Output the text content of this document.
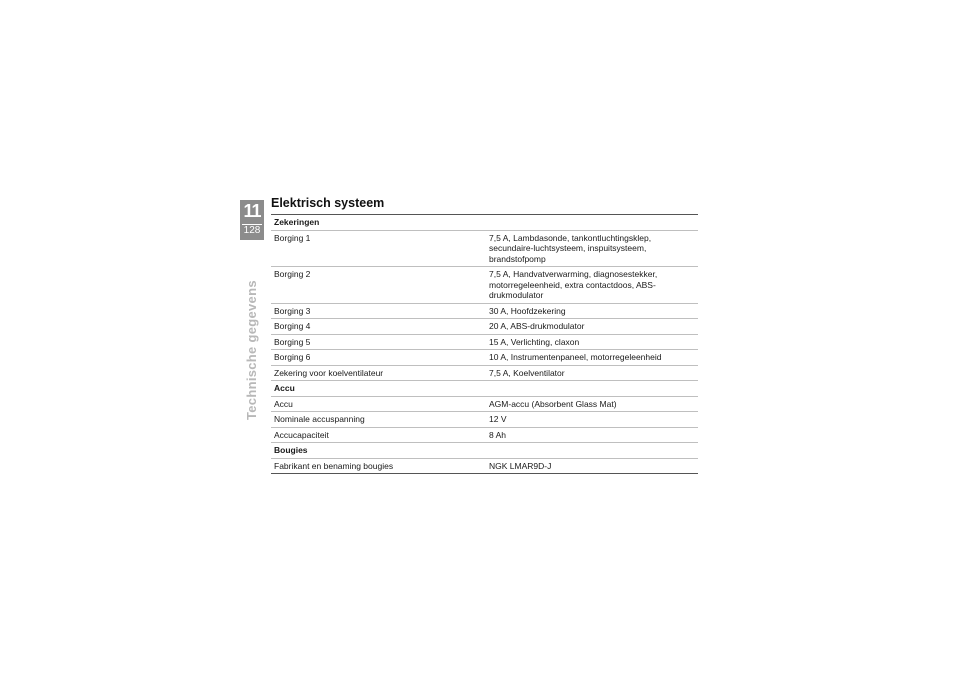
11
128
Technische gegevens
Elektrisch systeem
Zekeringen	
Borging 1	7,5 A, Lambdasonde, tankontluchtingsklep, secundaire-luchtsysteem, inspuitsysteem, brandstofpomp
Borging 2	7,5 A, Handvatverwarming, diagnosestekker, motorregeleenheid, extra contactdoos, ABS-drukmodulator
Borging 3	30 A, Hoofdzekering
Borging 4	20 A, ABS-drukmodulator
Borging 5	15 A, Verlichting, claxon
Borging 6	10 A, Instrumentenpaneel, motorregeleenheid
Zekering voor koelventilateur	7,5 A, Koelventilator
Accu	
Accu	AGM-accu (Absorbent Glass Mat)
Nominale accuspanning	12 V
Accucapaciteit	8 Ah
Bougies	
Fabrikant en benaming bougies	NGK LMAR9D-J
